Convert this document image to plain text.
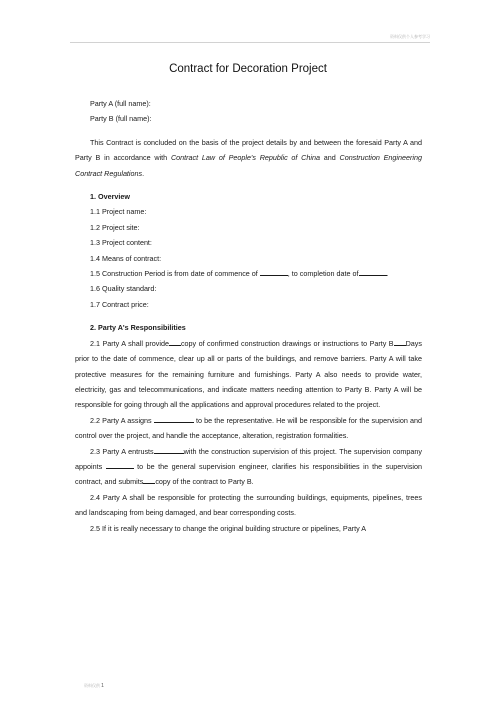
资料仅供个人参考学习
Contract for Decoration Project

Party A (full name):

Party B (full name):

This Contract is concluded on the basis of the project details by and between the foresaid Party A and Party B in accordance with Contract Law of People's Republic of China and Construction Engineering Contract Regulations.

1. Overview

1.1 Project name:

1.2 Project site:

1.3 Project content:

1.4 Means of contract:

1.5 Construction Period is from date of commence of	, to completion date of	.

1.6 Quality standard:

1.7 Contract price:

2. Party A's Responsibilities

2.1 Party A shall provide copy of confirmed construction drawings or instructions to Party B Days prior to the date of commence, clear up all or parts of the buildings, and remove barriers. Party A will take protective measures for the remaining furniture and furnishings. Party A also needs to provide water, electricity, gas and telecommunications, and indicate matters needing attention to Party B. Party A will be responsible for going through all the applications and approval procedures related to the project.

2.2 Party A assigns	to be the representative. He will be responsible for the supervision and control over the project, and handle the acceptance, alteration, registration formalities.

2.3 Party A entrusts	with the construction supervision of this project. The supervision company appoints	to be the general supervision engineer, clarifies his responsibilities in the supervision contract, and submits copy of the contract to Party B.

2.4 Party A shall be responsible for protecting the surrounding buildings, equipments, pipelines, trees and landscaping from being damaged, and bear corresponding costs.

2.5 If it is really necessary to change the original building structure or pipelines, Party A

资料仅供 1
